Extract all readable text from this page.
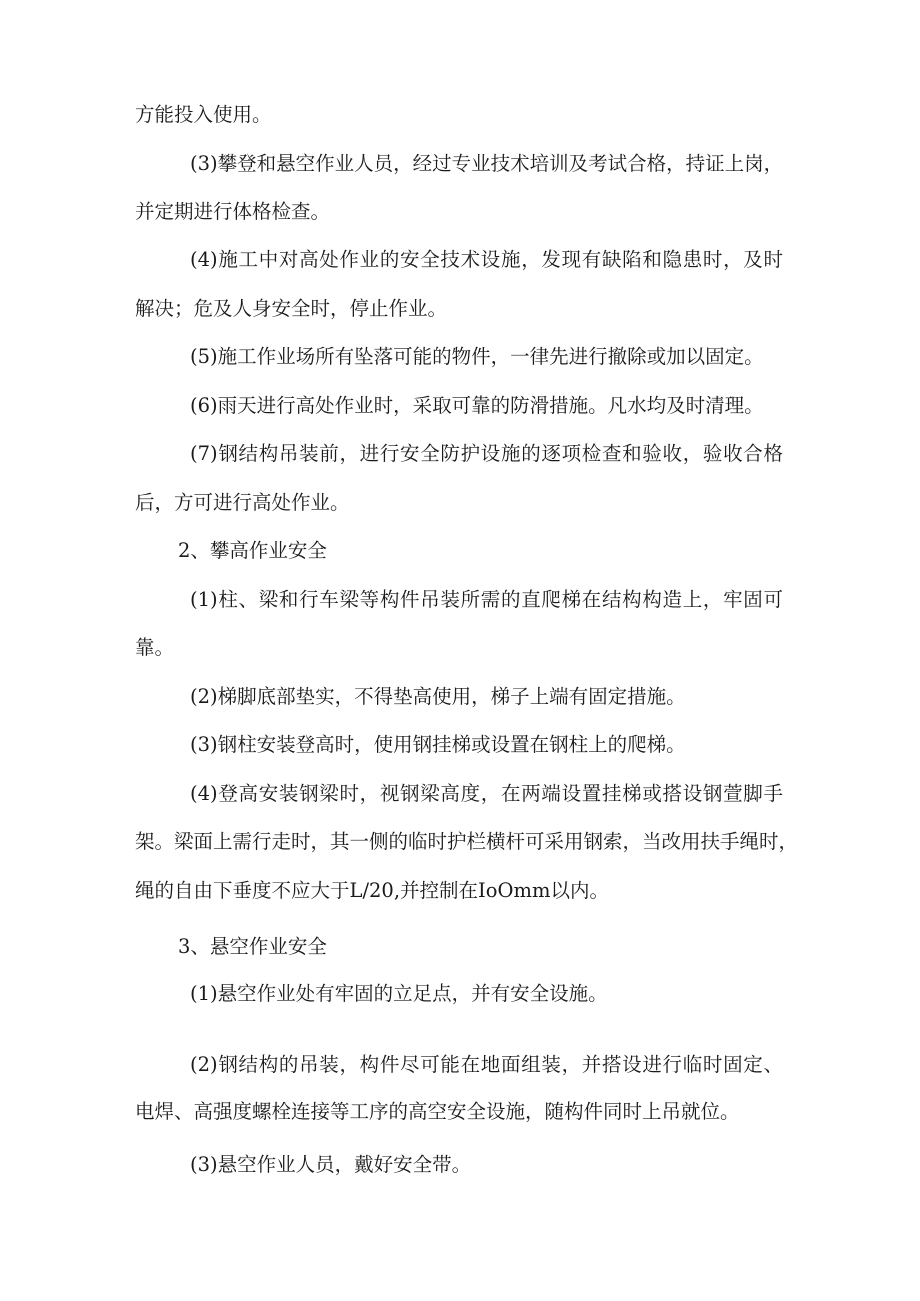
方能投入使用。
(3)攀登和悬空作业人员，经过专业技术培训及考试合格，持证上岗，
并定期进行体格检查。
(4)施工中对高处作业的安全技术设施，发现有缺陷和隐患时，及时
解决；危及人身安全时，停止作业。
(5)施工作业场所有坠落可能的物件，一律先进行撤除或加以固定。
(6)雨天进行高处作业时，采取可靠的防滑措施。凡水均及时清理。
(7)钢结构吊装前，进行安全防护设施的逐项检查和验收，验收合格
后，方可进行高处作业。
2、攀高作业安全
(1)柱、梁和行车梁等构件吊装所需的直爬梯在结构构造上，牢固可
靠。
(2)梯脚底部垫实，不得垫高使用，梯子上端有固定措施。
(3)钢柱安装登高时，使用钢挂梯或设置在钢柱上的爬梯。
(4)登高安装钢梁时，视钢梁高度，在两端设置挂梯或搭设钢萱脚手
架。梁面上需行走时，其一侧的临时护栏横杆可采用钢索，当改用扶手绳时，
绳的自由下垂度不应大于L/20,并控制在IoOmm以内。
3、悬空作业安全
(1)悬空作业处有牢固的立足点，并有安全设施。
(2)钢结构的吊装，构件尽可能在地面组装，并搭设进行临时固定、
电焊、高强度螺栓连接等工序的高空安全设施，随构件同时上吊就位。
(3)悬空作业人员，戴好安全带。
